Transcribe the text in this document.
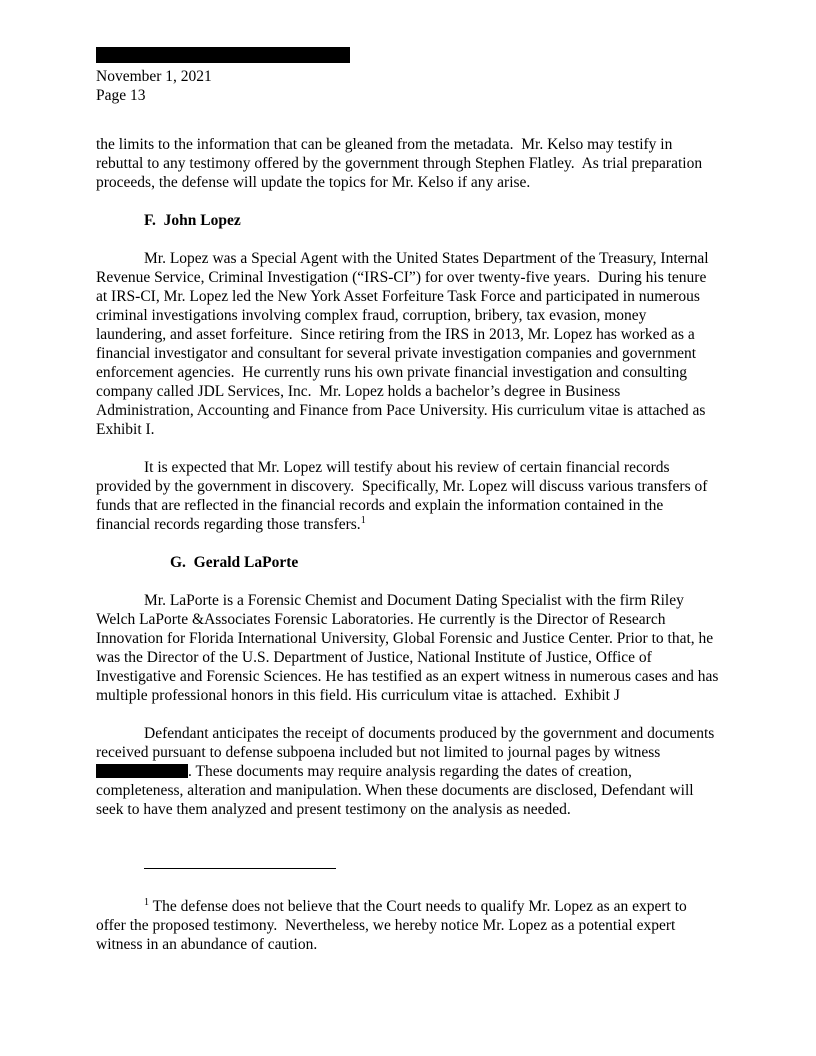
November 1, 2021
Page 13

the limits to the information that can be gleaned from the metadata.  Mr. Kelso may testify in rebuttal to any testimony offered by the government through Stephen Flatley.  As trial preparation proceeds, the defense will update the topics for Mr. Kelso if any arise.

F.  John Lopez

Mr. Lopez was a Special Agent with the United States Department of the Treasury, Internal Revenue Service, Criminal Investigation (“IRS-CI”) for over twenty-five years.  During his tenure at IRS-CI, Mr. Lopez led the New York Asset Forfeiture Task Force and participated in numerous criminal investigations involving complex fraud, corruption, bribery, tax evasion, money laundering, and asset forfeiture.  Since retiring from the IRS in 2013, Mr. Lopez has worked as a financial investigator and consultant for several private investigation companies and government enforcement agencies.  He currently runs his own private financial investigation and consulting company called JDL Services, Inc.  Mr. Lopez holds a bachelor’s degree in Business Administration, Accounting and Finance from Pace University. His curriculum vitae is attached as Exhibit I.

It is expected that Mr. Lopez will testify about his review of certain financial records provided by the government in discovery.  Specifically, Mr. Lopez will discuss various transfers of funds that are reflected in the financial records and explain the information contained in the financial records regarding those transfers.$^1$

G.  Gerald LaPorte

Mr. LaPorte is a Forensic Chemist and Document Dating Specialist with the firm Riley Welch LaPorte &Associates Forensic Laboratories. He currently is the Director of Research Innovation for Florida International University, Global Forensic and Justice Center. Prior to that, he was the Director of the U.S. Department of Justice, National Institute of Justice, Office of Investigative and Forensic Sciences. He has testified as an expert witness in numerous cases and has multiple professional honors in this field. His curriculum vitae is attached.  Exhibit J

Defendant anticipates the receipt of documents produced by the government and documents received pursuant to defense subpoena included but not limited to journal pages by witness. These documents may require analysis regarding the dates of creation, completeness, alteration and manipulation. When these documents are disclosed, Defendant will seek to have them analyzed and present testimony on the analysis as needed.

$^1$ The defense does not believe that the Court needs to qualify Mr. Lopez as an expert to offer the proposed testimony.  Nevertheless, we hereby notice Mr. Lopez as a potential expert witness in an abundance of caution.
